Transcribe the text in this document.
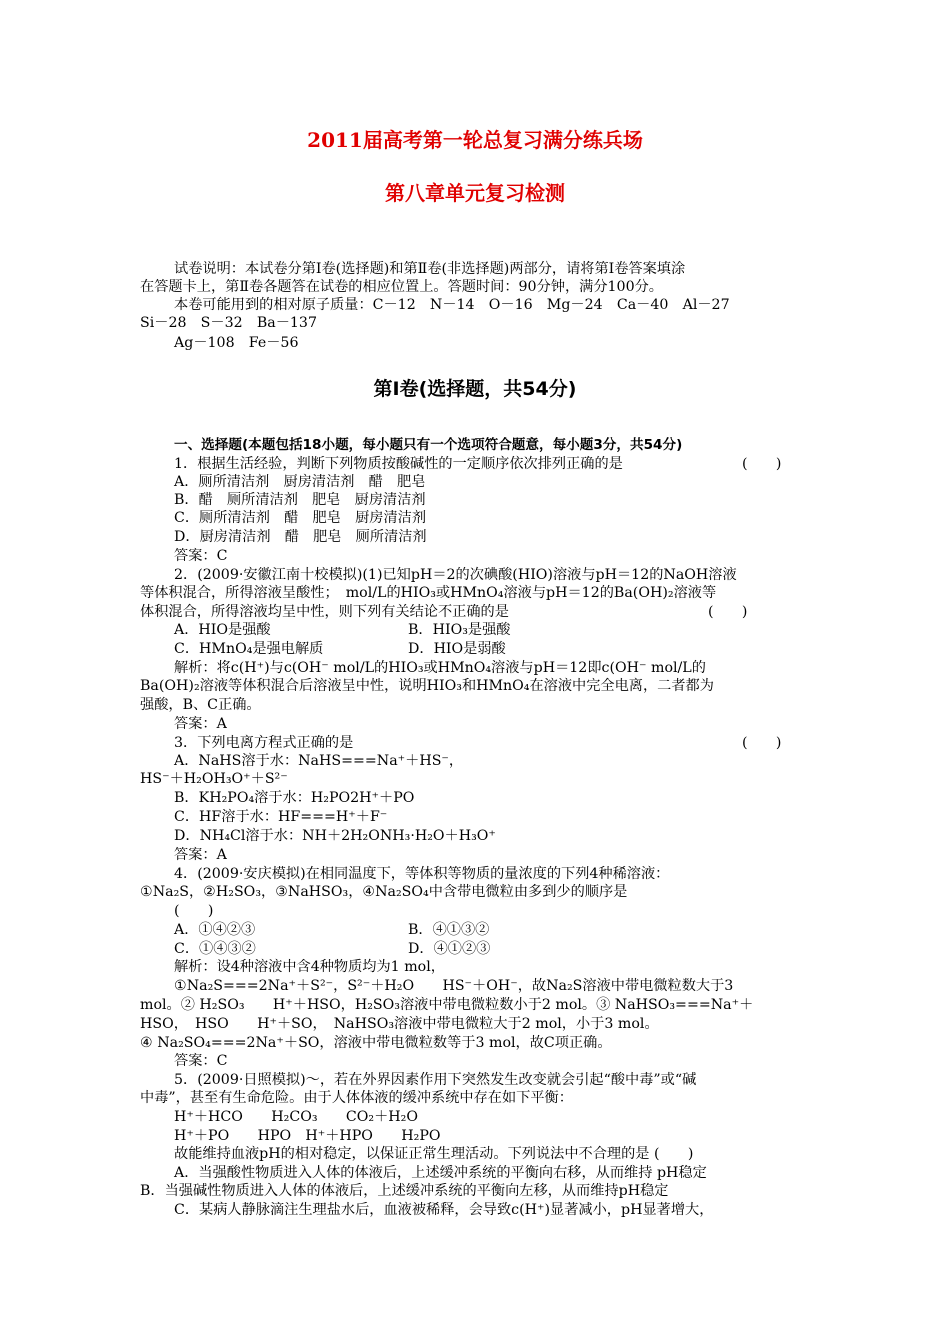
2011届高考第一轮总复习满分练兵场
第八章单元复习检测
试卷说明：本试卷分第Ⅰ卷(选择题)和第Ⅱ卷(非选择题)两部分，请将第Ⅰ卷答案填涂
在答题卡上，第Ⅱ卷各题答在试卷的相应位置上。答题时间：90分钟，满分100分。
本卷可能用到的相对原子质量：C－12　N－14　O－16　Mg－24　Ca－40　Al－27
Si－28　S－32　Ba－137
Ag－108　Fe－56
第Ⅰ卷(选择题，共54分)
一、选择题(本题包括18小题，每小题只有一个选项符合题意，每小题3分，共54分)
1．根据生活经验，判断下列物质按酸碱性的一定顺序依次排列正确的是	(　　)
A．厕所清洁剂　厨房清洁剂　醋　肥皂
B．醋　厕所清洁剂　肥皂　厨房清洁剂
C．厕所清洁剂　醋　肥皂　厨房清洁剂
D．厨房清洁剂　醋　肥皂　厕所清洁剂
答案：C
2．(2009·安徽江南十校模拟)(1)已知pH＝2的次碘酸(HIO)溶液与pH＝12的NaOH溶液
等体积混合，所得溶液呈酸性；　mol/L的HIO₃或HMnO₄溶液与pH＝12的Ba(OH)₂溶液等
体积混合，所得溶液均呈中性，则下列有关结论不正确的是	(　　)
A．HIO是强酸	B．HIO₃是强酸
C．HMnO₄是强电解质	D．HIO是弱酸
解析：将c(H⁺)与c(OH⁻ mol/L的HIO₃或HMnO₄溶液与pH＝12即c(OH⁻ mol/L的
Ba(OH)₂溶液等体积混合后溶液呈中性，说明HIO₃和HMnO₄在溶液中完全电离，二者都为
强酸，B、C正确。
答案：A
3．下列电离方程式正确的是	(　　)
A．NaHS溶于水：NaHS===Na⁺＋HS⁻，
HS⁻＋H₂OH₃O⁺＋S²⁻
B．KH₂PO₄溶于水：H₂PO2H⁺＋PO
C．HF溶于水：HF===H⁺＋F⁻
D．NH₄Cl溶于水：NH＋2H₂ONH₃·H₂O＋H₃O⁺
答案：A
4．(2009·安庆模拟)在相同温度下，等体积等物质的量浓度的下列4种稀溶液：
①Na₂S，②H₂SO₃，③NaHSO₃，④Na₂SO₄中含带电微粒由多到少的顺序是
(　　)
A．①④②③	B．④①③②
C．①④③②	D．④①②③
解析：设4种溶液中含4种物质均为1 mol，
①Na₂S===2Na⁺＋S²⁻，S²⁻＋H₂O　　HS⁻＋OH⁻，故Na₂S溶液中带电微粒数大于3
mol。② H₂SO₃　　H⁺＋HSO，H₂SO₃溶液中带电微粒数小于2 mol。③ NaHSO₃===Na⁺＋
HSO，　HSO　　H⁺＋SO，　NaHSO₃溶液中带电微粒大于2 mol，小于3 mol。
④ Na₂SO₄===2Na⁺＋SO，溶液中带电微粒数等于3 mol，故C项正确。
答案：C
5．(2009·日照模拟)～，若在外界因素作用下突然发生改变就会引起“酸中毒”或“碱
中毒”，甚至有生命危险。由于人体体液的缓冲系统中存在如下平衡：
H⁺＋HCO　　H₂CO₃　　CO₂＋H₂O
H⁺＋PO　　HPO　H⁺＋HPO　　H₂PO
故能维持血液pH的相对稳定，以保证正常生理活动。下列说法中不合理的是 (　　)
A．当强酸性物质进入人体的体液后，上述缓冲系统的平衡向右移，从而维持 pH稳定
B．当强碱性物质进入人体的体液后，上述缓冲系统的平衡向左移，从而维持pH稳定
C．某病人静脉滴注生理盐水后，血液被稀释，会导致c(H⁺)显著减小，pH显著增大，
